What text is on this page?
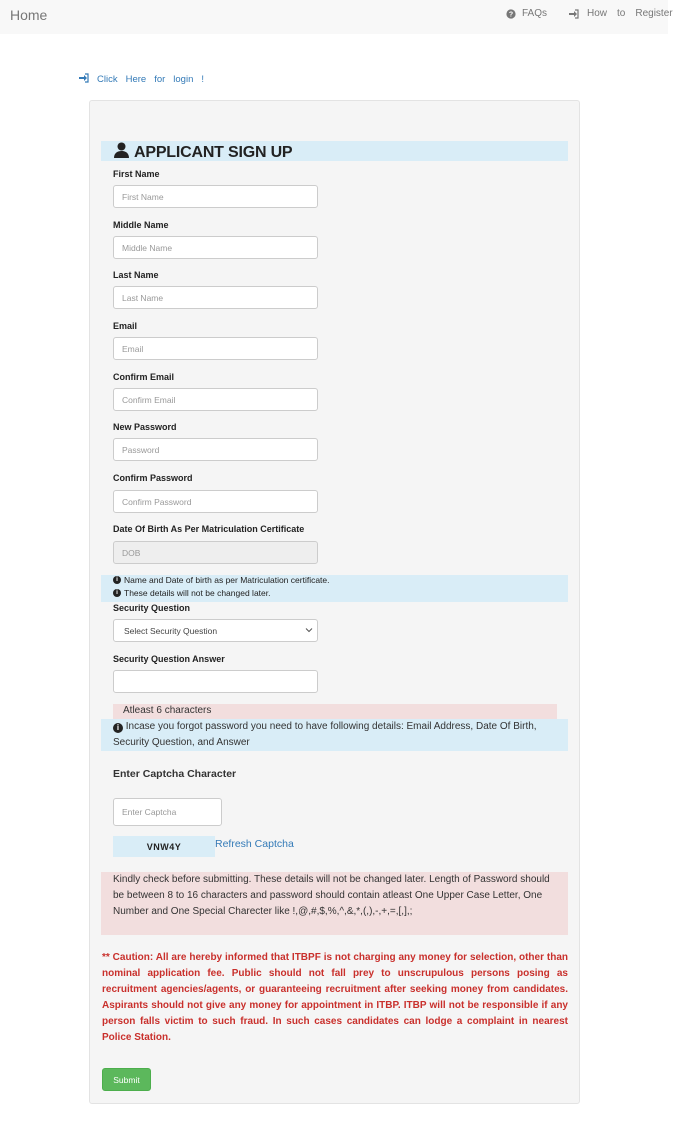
Home	? FAQs	How to Register
Click Here for login !
APPLICANT SIGN UP
First Name
First Name
Middle Name
Middle Name
Last Name
Last Name
Email
Email
Confirm Email
Confirm Email
New Password
Confirm Password
Date Of Birth As Per Matriculation Certificate
DOB
i Name and Date of birth as per Matriculation certificate.
i These details will not be changed later.
Security Question
Select Security Question
Security Question Answer
Atleast 6 characters
i Incase you forgot password you need to have following details: Email Address, Date Of Birth, Security Question, and Answer
Enter Captcha Character
Enter Captcha
VNW4Y	Refresh Captcha
Kindly check before submitting. These details will not be changed later. Length of Password should be between 8 to 16 characters and password should contain atleast One Upper Case Letter, One Number and One Special Charecter like !,@,#,$,%,^,&,*,(,),-,+,=,[,],;
** Caution: All are hereby informed that ITBPF is not charging any money for selection, other than nominal application fee. Public should not fall prey to unscrupulous persons posing as recruitment agencies/agents, or guaranteeing recruitment after seeking money from candidates. Aspirants should not give any money for appointment in ITBP. ITBP will not be responsible if any person falls victim to such fraud. In such cases candidates can lodge a complaint in nearest Police Station.
Submit
